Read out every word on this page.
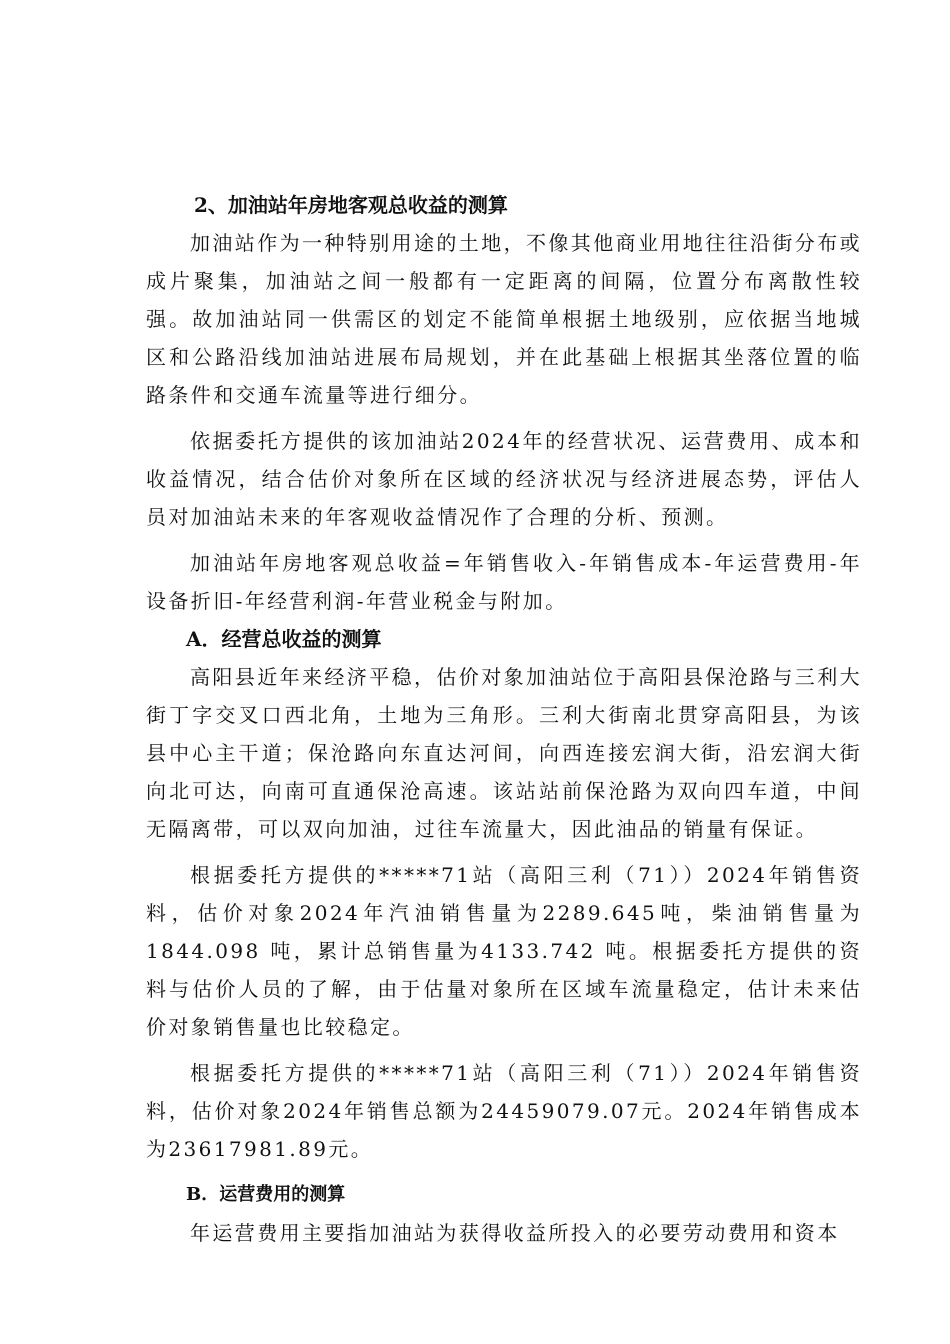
2、加油站年房地客观总收益的测算

加油站作为一种特别用途的土地，不像其他商业用地往往沿街分布或成片聚集，加油站之间一般都有一定距离的间隔，位置分布离散性较强。故加油站同一供需区的划定不能简单根据土地级别，应依据当地城区和公路沿线加油站进展布局规划，并在此基础上根据其坐落位置的临路条件和交通车流量等进行细分。

依据委托方提供的该加油站2024年的经营状况、运营费用、成本和收益情况，结合估价对象所在区域的经济状况与经济进展态势，评估人员对加油站未来的年客观收益情况作了合理的分析、预测。

加油站年房地客观总收益=年销售收入-年销售成本-年运营费用-年设备折旧-年经营利润-年营业税金与附加。

A．经营总收益的测算

高阳县近年来经济平稳，估价对象加油站位于高阳县保沧路与三利大街丁字交叉口西北角，土地为三角形。三利大街南北贯穿高阳县，为该县中心主干道；保沧路向东直达河间，向西连接宏润大街，沿宏润大街向北可达，向南可直通保沧高速。该站站前保沧路为双向四车道，中间无隔离带，可以双向加油，过往车流量大，因此油品的销量有保证。

根据委托方提供的*****71站（高阳三利（71））2024年销售资料，估价对象2024年汽油销售量为2289.645吨，柴油销售量为1844.098 吨，累计总销售量为4133.742 吨。根据委托方提供的资料与估价人员的了解，由于估量对象所在区域车流量稳定，估计未来估价对象销售量也比较稳定。

根据委托方提供的*****71站（高阳三利（71））2024年销售资料，估价对象2024年销售总额为24459079.07元。2024年销售成本为23617981.89元。

B．运营费用的测算

年运营费用主要指加油站为获得收益所投入的必要劳动费用和资本
